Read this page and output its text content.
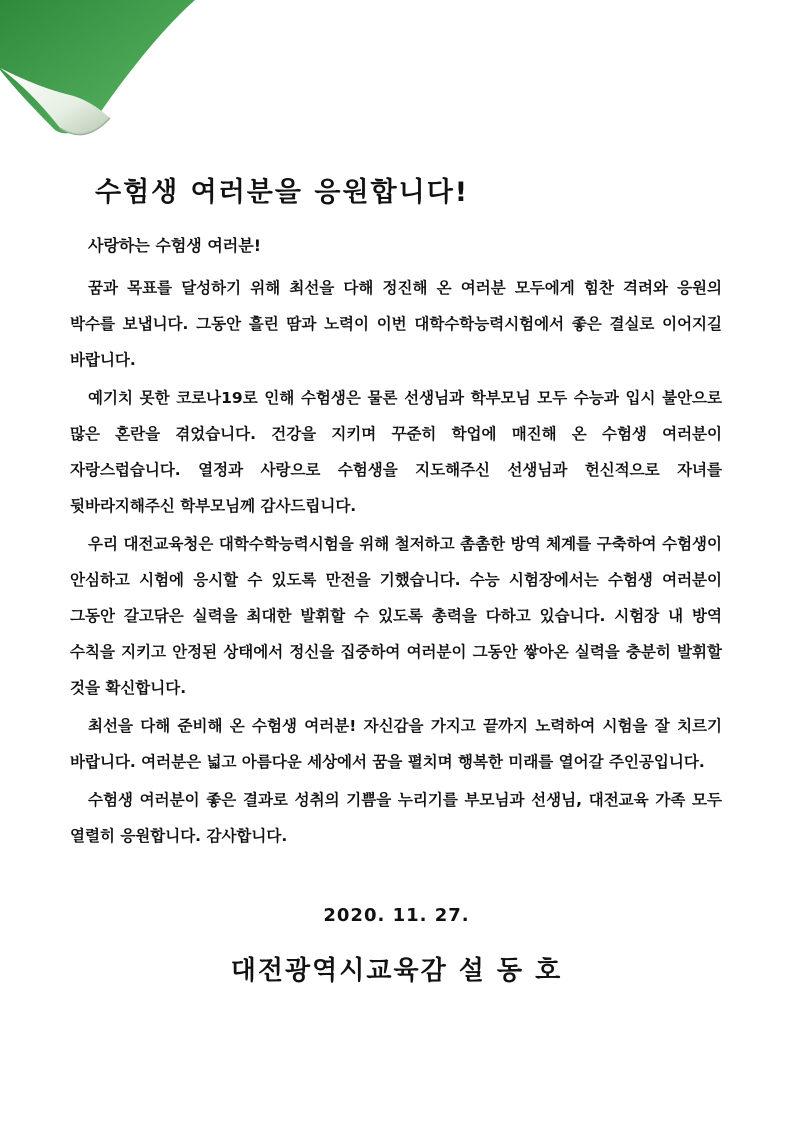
수험생 여러분을 응원합니다!

사랑하는 수험생 여러분!

꿈과 목표를 달성하기 위해 최선을 다해 정진해 온 여러분 모두에게 힘찬 격려와 응원의 박수를 보냅니다. 그동안 흘린 땀과 노력이 이번 대학수학능력시험에서 좋은 결실로 이어지길 바랍니다.

예기치 못한 코로나19로 인해 수험생은 물론 선생님과 학부모님 모두 수능과 입시 불안으로 많은 혼란을 겪었습니다. 건강을 지키며 꾸준히 학업에 매진해 온 수험생 여러분이 자랑스럽습니다. 열정과 사랑으로 수험생을 지도해주신 선생님과 헌신적으로 자녀를 뒷바라지해주신 학부모님께 감사드립니다.

우리 대전교육청은 대학수학능력시험을 위해 철저하고 촘촘한 방역 체계를 구축하여 수험생이 안심하고 시험에 응시할 수 있도록 만전을 기했습니다. 수능 시험장에서는 수험생 여러분이 그동안 갈고닦은 실력을 최대한 발휘할 수 있도록 총력을 다하고 있습니다. 시험장 내 방역 수칙을 지키고 안정된 상태에서 정신을 집중하여 여러분이 그동안 쌓아온 실력을 충분히 발휘할 것을 확신합니다.

최선을 다해 준비해 온 수험생 여러분! 자신감을 가지고 끝까지 노력하여 시험을 잘 치르기 바랍니다. 여러분은 넓고 아름다운 세상에서 꿈을 펼치며 행복한 미래를 열어갈 주인공입니다.

수험생 여러분이 좋은 결과로 성취의 기쁨을 누리기를 부모님과 선생님, 대전교육 가족 모두 열렬히 응원합니다. 감사합니다.

2020. 11. 27.

대전광역시교육감 설 동 호
